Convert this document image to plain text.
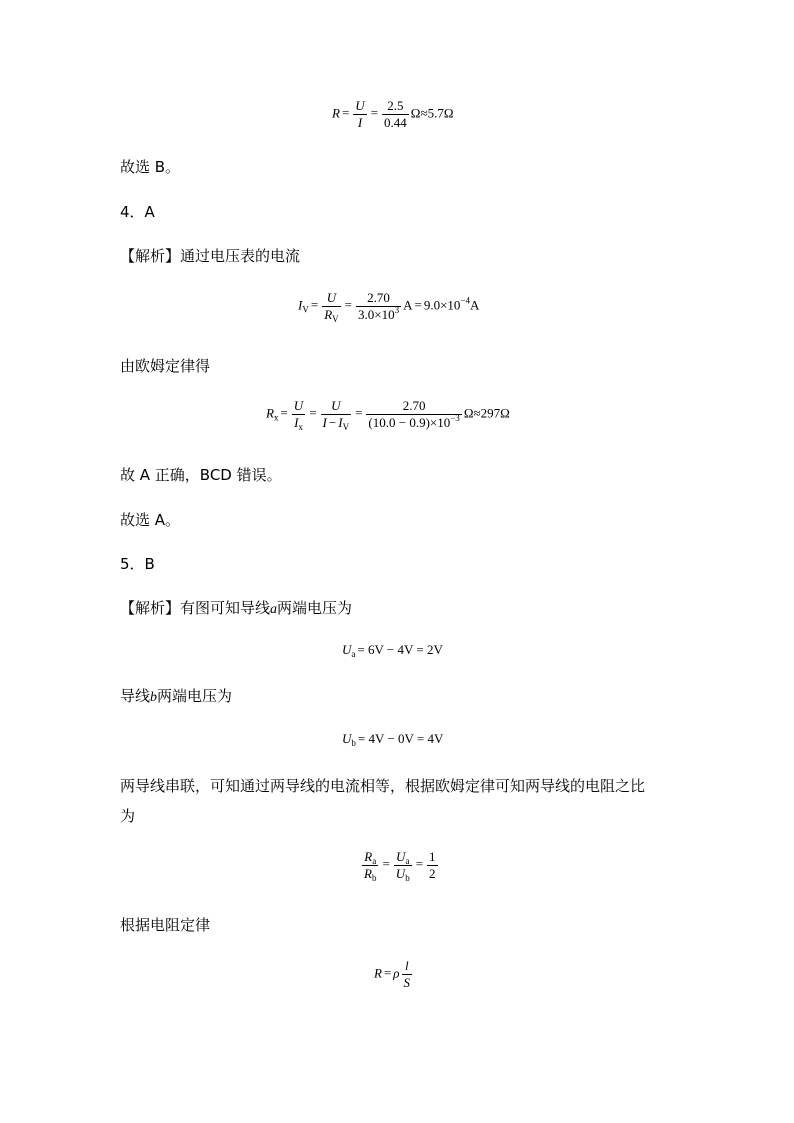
$R = \frac{U}{I} = \frac{2.5}{0.44} \Omega\approx 5.7\Omega$
故选 B。
4．A
【解析】通过电压表的电流
$I_V = \frac{U}{R_V} = \frac{2.70}{3.0\times 10^3}$ $A = 9.0\times 10^{-4}A$
由欧姆定律得
$R_x = \frac{U}{I_x} = \frac{U}{I - I_V} = \frac{2.70}{(10.0 - 0.9)\times 10^{-3}} \Omega\approx 297\Omega$
故 A 正确，BCD 错误。
故选 A。
5．B
【解析】有图可知导线a两端电压为
$U_a = 6V - 4V = 2V$
导线b两端电压为
$U_b = 4V - 0V = 4V$
两导线串联，可知通过两导线的电流相等，根据欧姆定律可知两导线的电阻之比
为
$\frac{R_a}{R_b} = \frac{U_a}{U_b} = \frac{1}{2}$
根据电阻定律
R = ρ $\frac{l}{S}$
